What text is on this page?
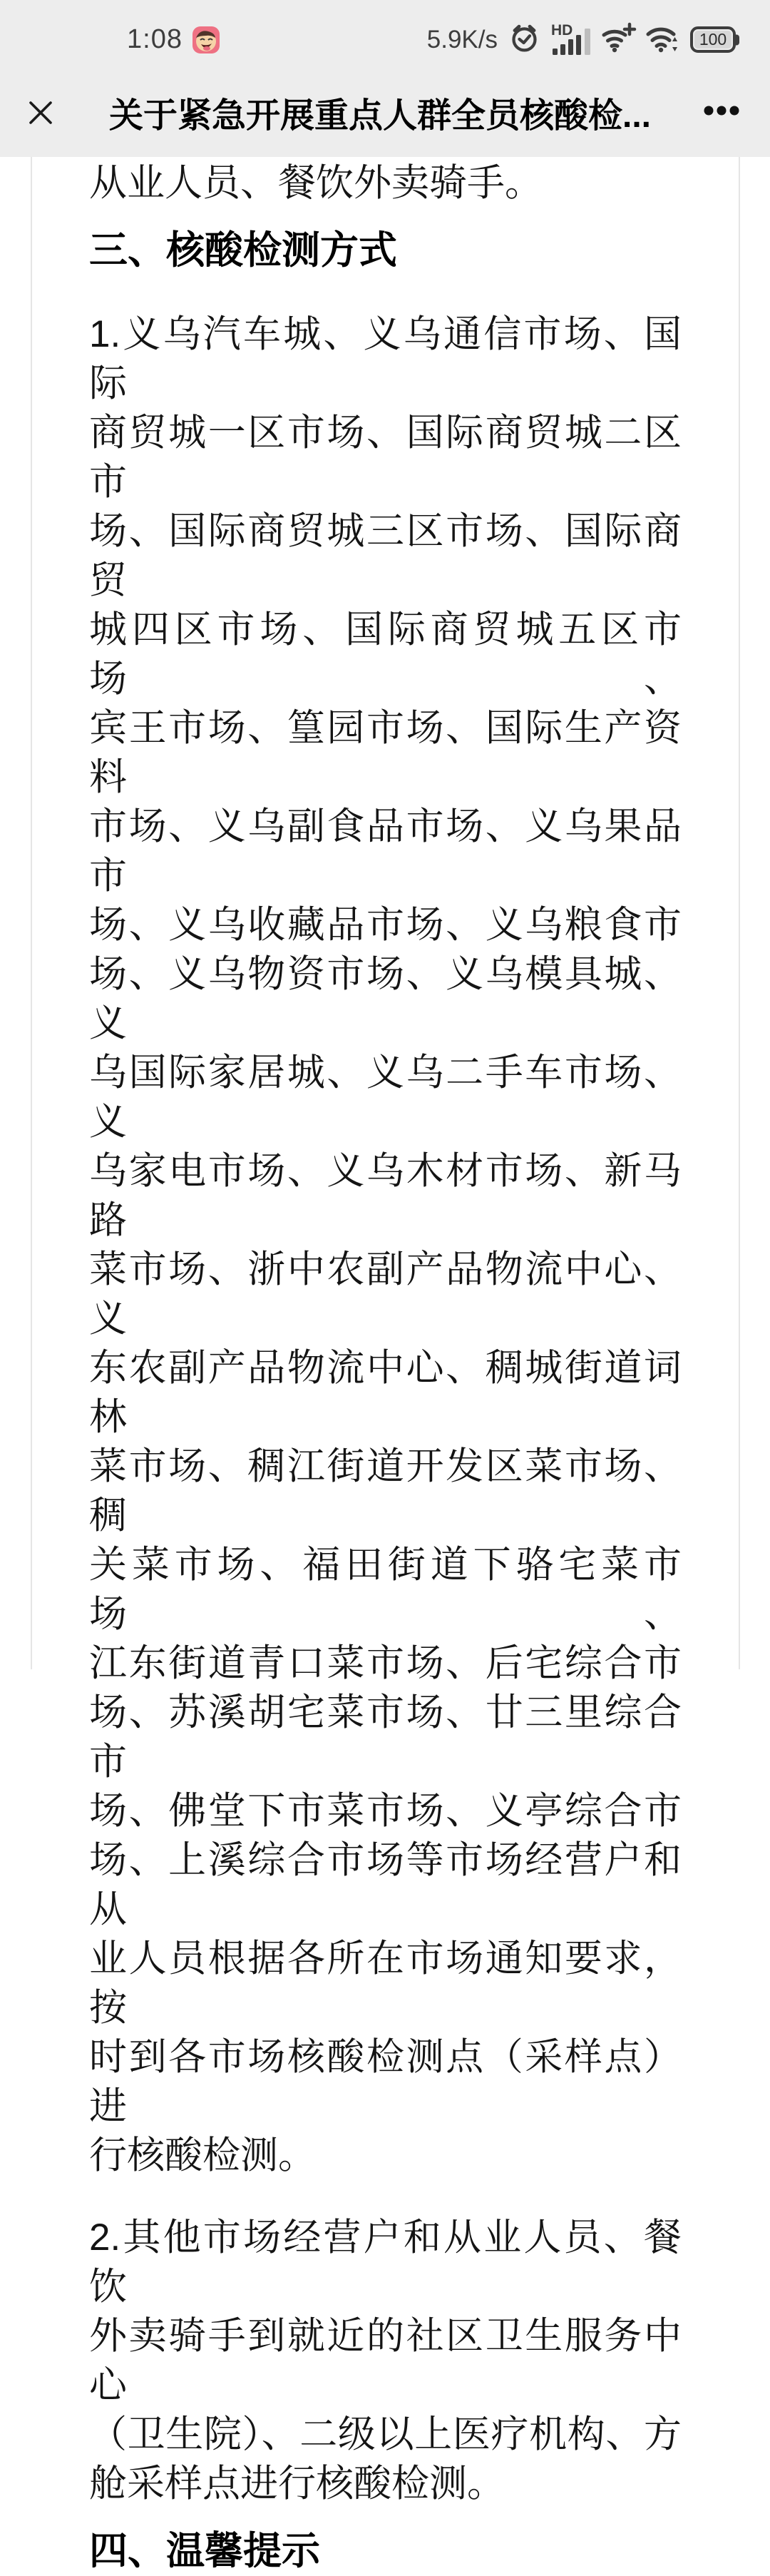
1:08	5.9K/s	HD	100
关于紧急开展重点人群全员核酸检...
从业人员、餐饮外卖骑手。
三、核酸检测方式
1.义乌汽车城、义乌通信市场、国际
商贸城一区市场、国际商贸城二区市
场、国际商贸城三区市场、国际商贸
城四区市场、国际商贸城五区市场、
宾王市场、篁园市场、国际生产资料
市场、义乌副食品市场、义乌果品市
场、义乌收藏品市场、义乌粮食市
场、义乌物资市场、义乌模具城、义
乌国际家居城、义乌二手车市场、义
乌家电市场、义乌木材市场、新马路
菜市场、浙中农副产品物流中心、义
东农副产品物流中心、稠城街道词林
菜市场、稠江街道开发区菜市场、稠
关菜市场、福田街道下骆宅菜市场、
江东街道青口菜市场、后宅综合市
场、苏溪胡宅菜市场、廿三里综合市
场、佛堂下市菜市场、义亭综合市
场、上溪综合市场等市场经营户和从
业人员根据各所在市场通知要求，按
时到各市场核酸检测点（采样点）进
行核酸检测。
2.其他市场经营户和从业人员、餐饮
外卖骑手到就近的社区卫生服务中心
（卫生院）、二级以上医疗机构、方
舱采样点进行核酸检测。
四、温馨提示
